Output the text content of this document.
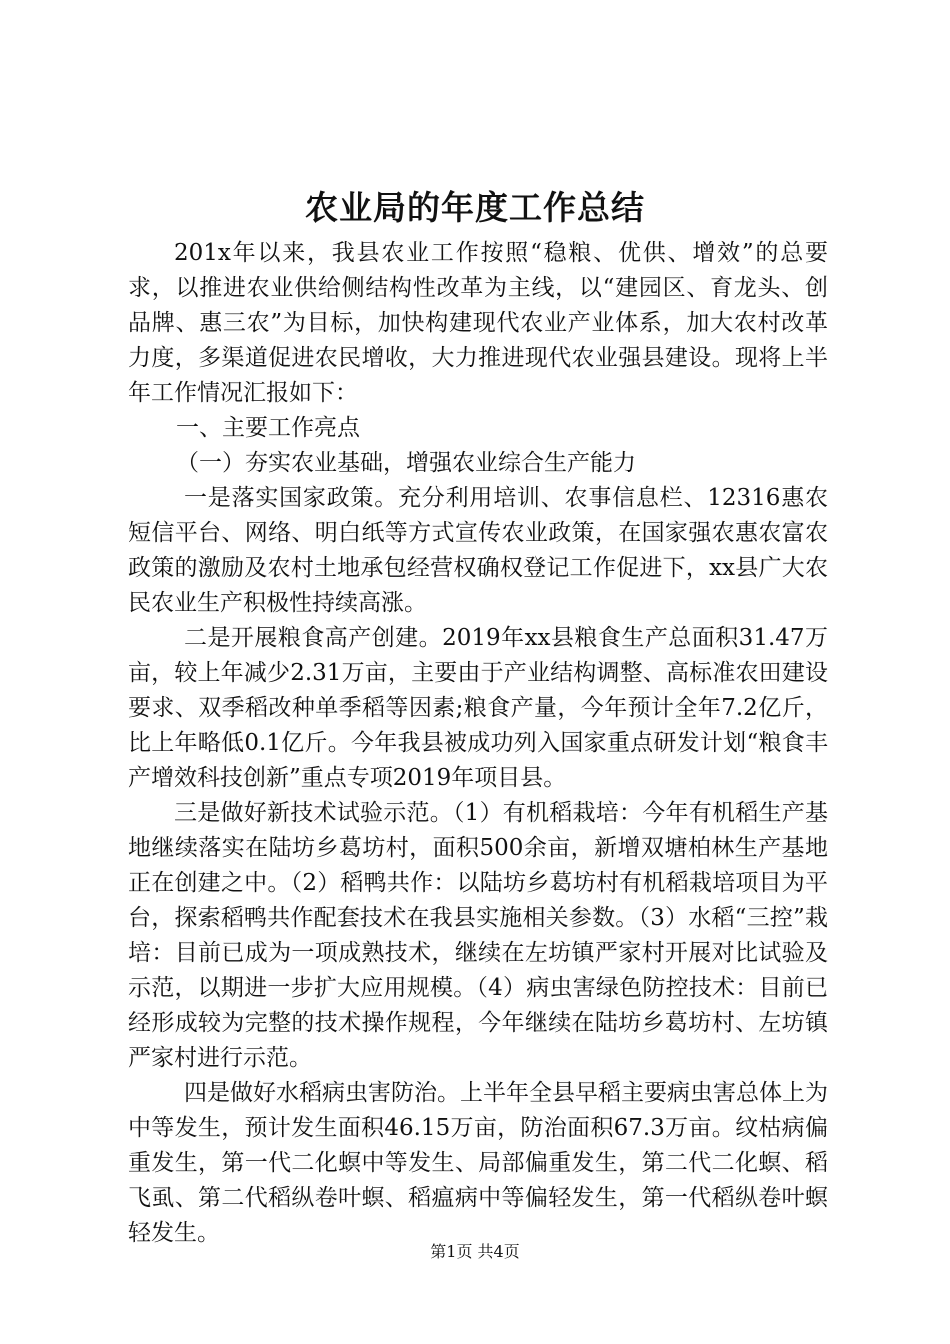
农业局的年度工作总结

201x年以来，我县农业工作按照“稳粮、优供、增效”的总要求，以推进农业供给侧结构性改革为主线，以“建园区、育龙头、创品牌、惠三农”为目标，加快构建现代农业产业体系，加大农村改革力度，多渠道促进农民增收，大力推进现代农业强县建设。现将上半年工作情况汇报如下：

一、主要工作亮点

（一）夯实农业基础，增强农业综合生产能力

一是落实国家政策。充分利用培训、农事信息栏、12316惠农短信平台、网络、明白纸等方式宣传农业政策，在国家强农惠农富农政策的激励及农村土地承包经营权确权登记工作促进下，xx县广大农民农业生产积极性持续高涨。

二是开展粮食高产创建。2019年xx县粮食生产总面积31.47万亩，较上年减少2.31万亩，主要由于产业结构调整、高标准农田建设要求、双季稻改种单季稻等因素;粮食产量，今年预计全年7.2亿斤，比上年略低0.1亿斤。今年我县被成功列入国家重点研发计划“粮食丰产增效科技创新”重点专项2019年项目县。

三是做好新技术试验示范。（1）有机稻栽培：今年有机稻生产基地继续落实在陆坊乡葛坊村，面积500余亩，新增双塘柏林生产基地正在创建之中。（2）稻鸭共作：以陆坊乡葛坊村有机稻栽培项目为平台，探索稻鸭共作配套技术在我县实施相关参数。（3）水稻“三控”栽培：目前已成为一项成熟技术，继续在左坊镇严家村开展对比试验及示范，以期进一步扩大应用规模。（4）病虫害绿色防控技术：目前已经形成较为完整的技术操作规程，今年继续在陆坊乡葛坊村、左坊镇严家村进行示范。

四是做好水稻病虫害防治。上半年全县早稻主要病虫害总体上为中等发生，预计发生面积46.15万亩，防治面积67.3万亩。纹枯病偏重发生，第一代二化螟中等发生、局部偏重发生，第二代二化螟、稻飞虱、第二代稻纵卷叶螟、稻瘟病中等偏轻发生，第一代稻纵卷叶螟轻发生。

第1页 共4页
